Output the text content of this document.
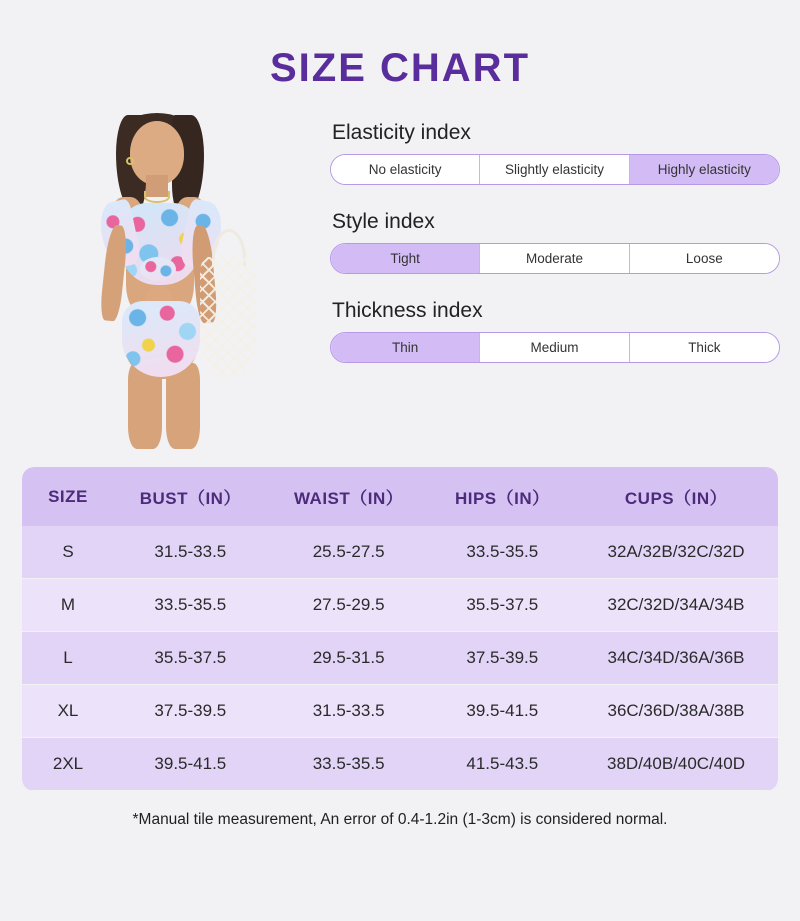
SIZE CHART
Elasticity index
No elasticity	Slightly elasticity	Highly elasticity
Style index
Tight	Moderate	Loose
Thickness index
Thin	Medium	Thick
SIZE	BUST（IN）	WAIST（IN）	HIPS（IN）	CUPS（IN）
S	31.5-33.5	25.5-27.5	33.5-35.5	32A/32B/32C/32D
M	33.5-35.5	27.5-29.5	35.5-37.5	32C/32D/34A/34B
L	35.5-37.5	29.5-31.5	37.5-39.5	34C/34D/36A/36B
XL	37.5-39.5	31.5-33.5	39.5-41.5	36C/36D/38A/38B
2XL	39.5-41.5	33.5-35.5	41.5-43.5	38D/40B/40C/40D
*Manual tile measurement, An error of 0.4-1.2in (1-3cm) is considered normal.
